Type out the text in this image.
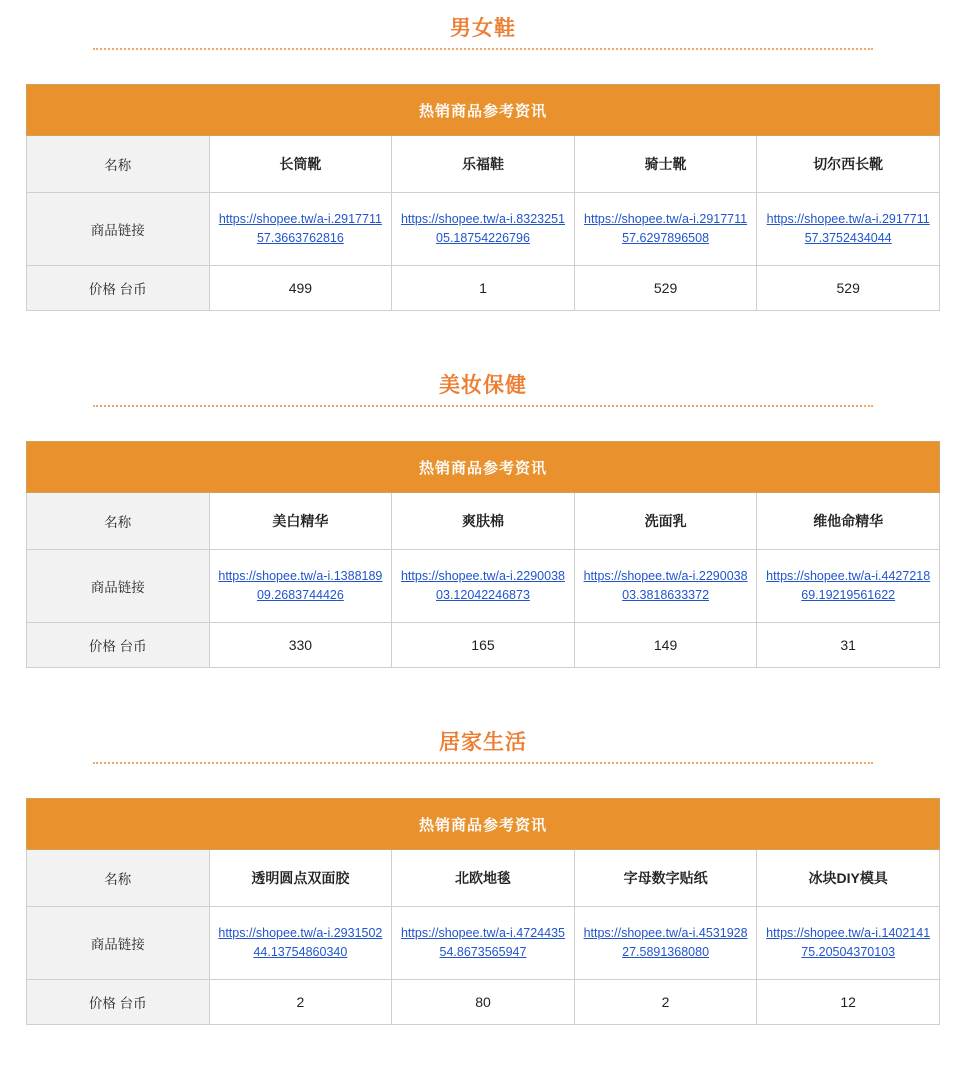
男女鞋
热销商品参考资讯				
名称	长筒靴	乐福鞋	骑士靴	切尔西长靴
商品链接	https://shopee.tw/a-i.291771157.3663762816	https://shopee.tw/a-i.832325105.18754226796	https://shopee.tw/a-i.291771157.6297896508	https://shopee.tw/a-i.291771157.3752434044
价格 台币	499	1	529	529
美妆保健
热销商品参考资讯				
名称	美白精华	爽肤棉	洗面乳	维他命精华
商品链接	https://shopee.tw/a-i.138818909.2683744426	https://shopee.tw/a-i.229003803.12042246873	https://shopee.tw/a-i.229003803.3818633372	https://shopee.tw/a-i.442721869.19219561622
价格 台币	330	165	149	31
居家生活
热销商品参考资讯				
名称	透明圆点双面胶	北欧地毯	字母数字贴纸	冰块DIY模具
商品链接	https://shopee.tw/a-i.293150244.13754860340	https://shopee.tw/a-i.472443554.8673565947	https://shopee.tw/a-i.453192827.5891368080	https://shopee.tw/a-i.140214175.20504370103
价格 台币	2	80	2	12
